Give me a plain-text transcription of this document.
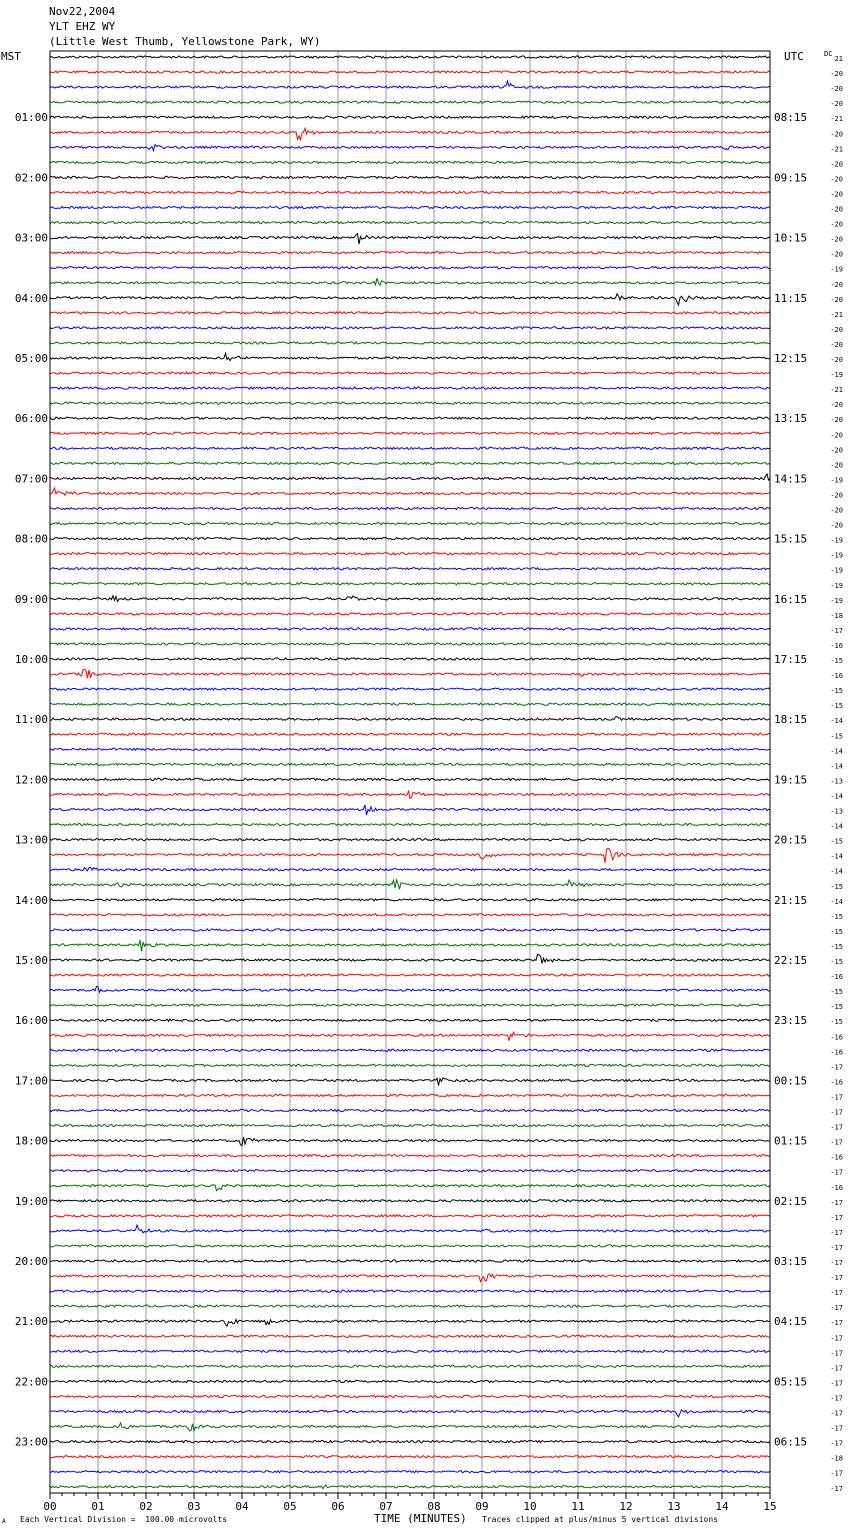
Nov22,2004
YLT EHZ WY
(Little West Thumb, Yellowstone Park, WY)
MST	UTC	DC
21
-20
-20
-20
-21
-20
-21
-20
-20
-20
-20
-20
-20
-20
-19
-20
-20
-21
-20
-20
-20
-19
-21
-20
-20
-20
-20
-20
-19
-20
-20
-20
-19
-19
-19
-19
-19
-18
-17
-16
-15
-16
-15
-15
-14
-15
-14
-14
-13
-14
-13
-14
-15
-14
-14
-15
-14
-15
-15
-15
-15
-16
-15
-15
-15
-16
-16
-17
-16
-17
-17
-17
-17
-16
-17
-16
-17
-17
-17
-17
-17
-17
-17
-17
-17
-17
-17
-17
-17
-17
-17
-17
-17
-18
-17
-17
01:00
02:00
03:00
04:00
05:00
06:00
07:00
08:00
09:00
10:00
11:00
12:00
13:00
14:00
15:00
16:00
17:00
18:00
19:00
20:00
21:00
22:00
23:00
08:15
09:15
10:15
11:15
12:15
13:15
14:15
15:15
16:15
17:15
18:15
19:15
20:15
21:15
22:15
23:15
00:15
01:15
02:15
03:15
04:15
05:15
06:15
00	01	02	03	04	05	06	07	08	09	10	11	12	13	14	15
A Each Vertical Division =  100.00 microvolts	TIME (MINUTES) Traces clipped at plus/minus 5 vertical divisions
